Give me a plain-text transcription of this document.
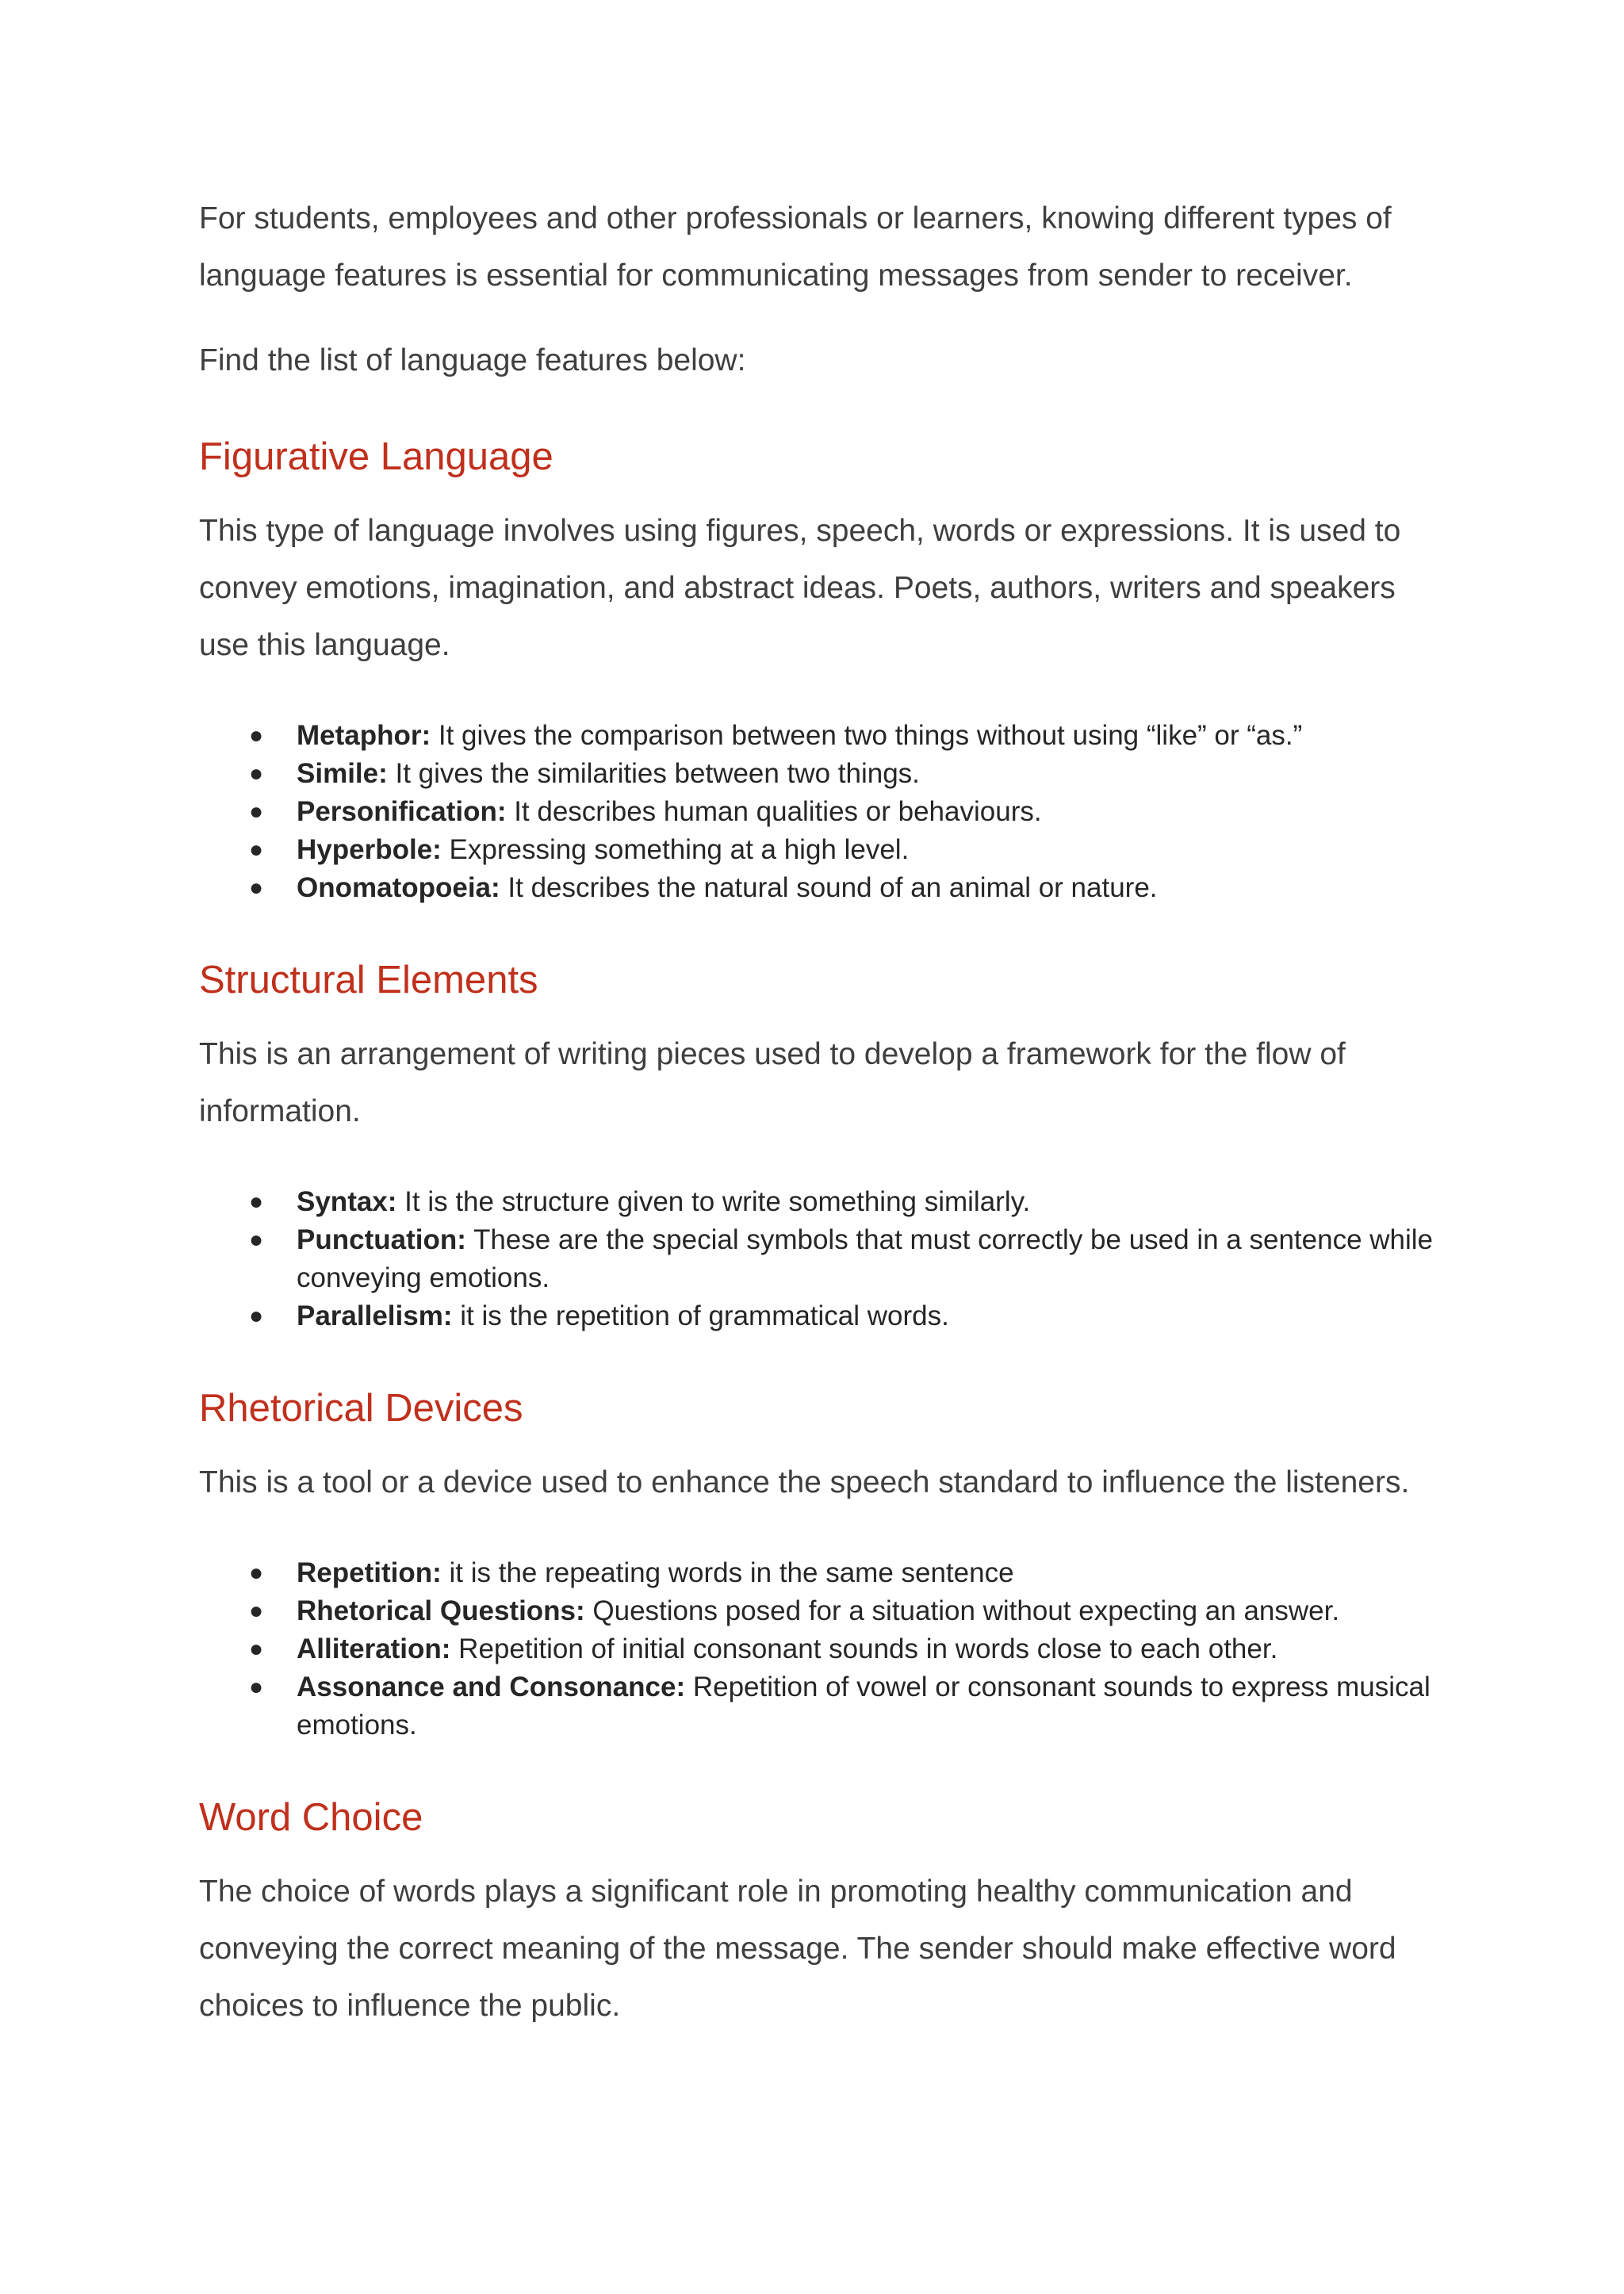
For students, employees and other professionals or learners, knowing different types of language features is essential for communicating messages from sender to receiver.

Find the list of language features below:

Figurative Language

This type of language involves using figures, speech, words or expressions. It is used to convey emotions, imagination, and abstract ideas. Poets, authors, writers and speakers use this language.

●	Metaphor: It gives the comparison between two things without using “like” or “as.”
●	Simile: It gives the similarities between two things.
●	Personification: It describes human qualities or behaviours.
●	Hyperbole: Expressing something at a high level.
●	Onomatopoeia: It describes the natural sound of an animal or nature.
Structural Elements

This is an arrangement of writing pieces used to develop a framework for the flow of information.

●	Syntax: It is the structure given to write something similarly.
●	Punctuation: These are the special symbols that must correctly be used in a sentence while conveying emotions.
●	Parallelism: it is the repetition of grammatical words.
Rhetorical Devices

This is a tool or a device used to enhance the speech standard to influence the listeners.

●	Repetition: it is the repeating words in the same sentence
●	Rhetorical Questions: Questions posed for a situation without expecting an answer.
●	Alliteration: Repetition of initial consonant sounds in words close to each other.
●	Assonance and Consonance: Repetition of vowel or consonant sounds to express musical emotions.
Word Choice

The choice of words plays a significant role in promoting healthy communication and conveying the correct meaning of the message. The sender should make effective word choices to influence the public.
